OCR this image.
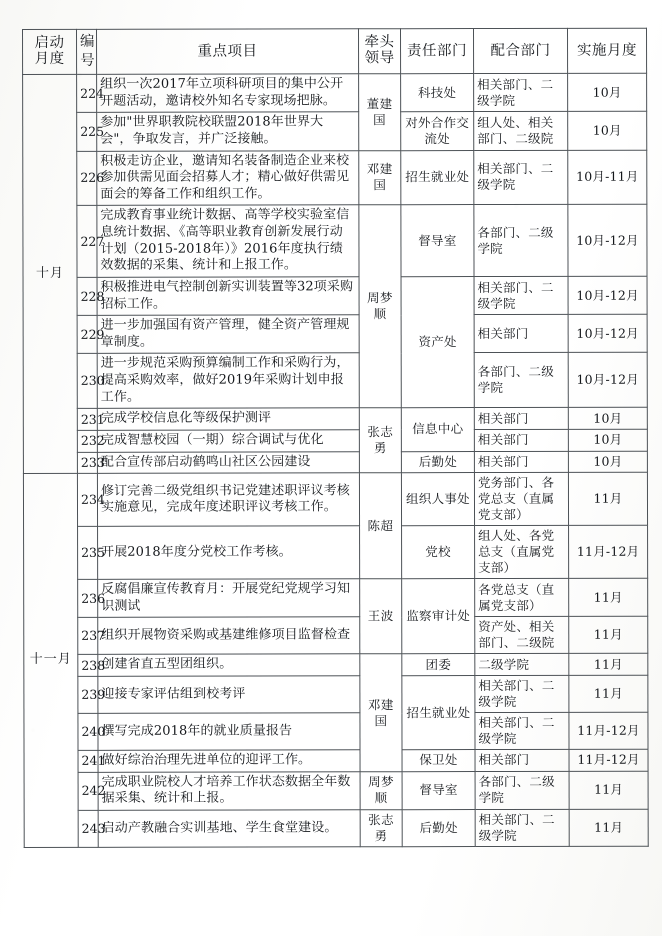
启动
月度	编号	重点项目	牵头
领导	责任部门	配合部门	实施月度
十月	224	组织一次2017年立项科研项目的集中公开开题活动，邀请校外知名专家现场把脉。	董建国	科技处	相关部门、二级学院	10月
	225	参加"世界职教院校联盟2018年世界大会"，争取发言，并广泛接触。		对外合作交流处	组人处、相关部门、二级院	10月
	226	积极走访企业，邀请知名装备制造企业来校参加供需见面会招募人才；精心做好供需见面会的筹备工作和组织工作。	邓建国	招生就业处	相关部门、二级学院	10月-11月
	227	完成教育事业统计数据、高等学校实验室信息统计数据、《高等职业教育创新发展行动计划（2015-2018年）》2016年度执行绩效数据的采集、统计和上报工作。	周梦顺	督导室	各部门、二级学院	10月-12月
	228	积极推进电气控制创新实训装置等32项采购招标工作。		资产处	相关部门、二级学院	10月-12月
	229	进一步加强国有资产管理，健全资产管理规章制度。			相关部门	10月-12月
	230	进一步规范采购预算编制工作和采购行为，提高采购效率，做好2019年采购计划申报工作。			各部门、二级学院	10月-12月
	231	完成学校信息化等级保护测评	张志勇	信息中心	相关部门	10月
	232	完成智慧校园（一期）综合调试与优化			相关部门	10月
	233	配合宣传部启动鹤鸣山社区公园建设		后勤处	相关部门	10月
十一月	234	修订完善二级党组织书记党建述职评议考核实施意见，完成年度述职评议考核工作。	陈超	组织人事处	党务部门、各党总支（直属党支部）	11月
	235	开展2018年度分党校工作考核。		党校	组人处、各党总支（直属党支部）	11月-12月
	236	反腐倡廉宣传教育月：开展党纪党规学习知识测试	王波	监察审计处	各党总支（直属党支部）	11月
	237	组织开展物资采购或基建维修项目监督检查			资产处、相关部门、二级院	11月
	238	创建省直五型团组织。	邓建国	团委	二级学院	11月
	239	迎接专家评估组到校考评		招生就业处	相关部门、二级学院	11月
	240	撰写完成2018年的就业质量报告			相关部门、二级学院	11月-12月
	241	做好综治治理先进单位的迎评工作。		保卫处	相关部门	11月-12月
	242	完成职业院校人才培养工作状态数据全年数据采集、统计和上报。	周梦顺	督导室	各部门、二级学院	11月
	243	启动产教融合实训基地、学生食堂建设。	张志勇	后勤处	相关部门、二级学院	11月
